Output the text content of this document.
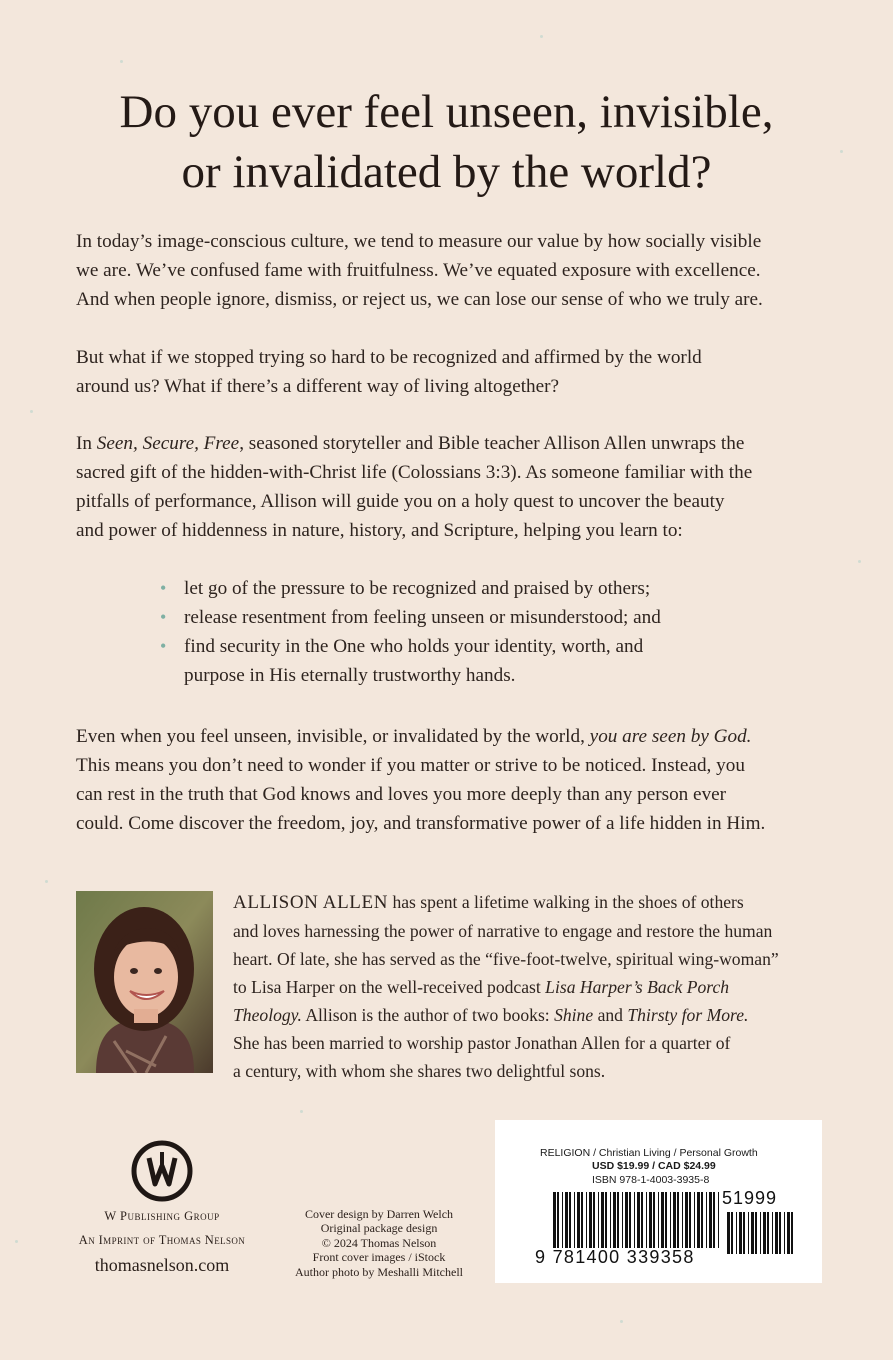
Do you ever feel unseen, invisible,
or invalidated by the world?
In today’s image-conscious culture, we tend to measure our value by how socially visible
we are. We’ve confused fame with fruitfulness. We’ve equated exposure with excellence.
And when people ignore, dismiss, or reject us, we can lose our sense of who we truly are.
But what if we stopped trying so hard to be recognized and affirmed by the world
around us? What if there’s a different way of living altogether?
In Seen, Secure, Free, seasoned storyteller and Bible teacher Allison Allen unwraps the
sacred gift of the hidden-with-Christ life (Colossians 3:3). As someone familiar with the
pitfalls of performance, Allison will guide you on a holy quest to uncover the beauty
and power of hiddenness in nature, history, and Scripture, helping you learn to:
• let go of the pressure to be recognized and praised by others;
• release resentment from feeling unseen or misunderstood; and
• find security in the One who holds your identity, worth, and
purpose in His eternally trustworthy hands.
Even when you feel unseen, invisible, or invalidated by the world, you are seen by God.
This means you don’t need to wonder if you matter or strive to be noticed. Instead, you
can rest in the truth that God knows and loves you more deeply than any person ever
could. Come discover the freedom, joy, and transformative power of a life hidden in Him.
ALLISON ALLEN has spent a lifetime walking in the shoes of others
and loves harnessing the power of narrative to engage and restore the human
heart. Of late, she has served as the “five-foot-twelve, spiritual wing-woman”
to Lisa Harper on the well-received podcast Lisa Harper’s Back Porch
Theology. Allison is the author of two books: Shine and Thirsty for More.
She has been married to worship pastor Jonathan Allen for a quarter of
a century, with whom she shares two delightful sons.
W Publishing Group
An Imprint of Thomas Nelson
thomasnelson.com
Cover design by Darren Welch
Original package design
© 2024 Thomas Nelson
Front cover images / iStock
Author photo by Meshalli Mitchell
RELIGION / Christian Living / Personal Growth
USD $19.99 / CAD $24.99
ISBN 978-1-4003-3935-8
51999
9 781400 339358
